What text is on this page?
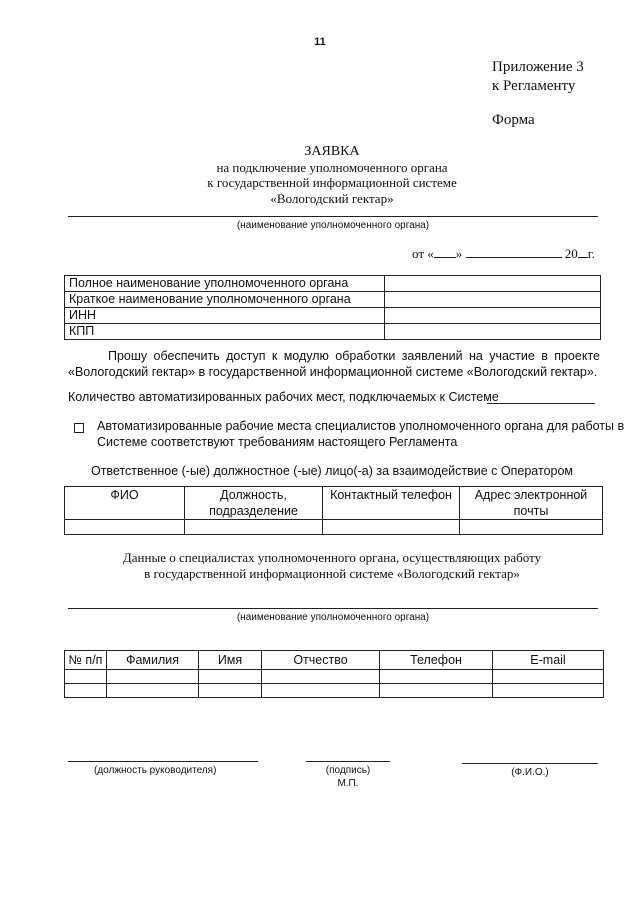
11
Приложение 3
к Регламенту
Форма
ЗАЯВКА
на подключение уполномоченного органа
к государственной информационной системе
«Вологодский гектар»
(наименование уполномоченного органа)
от « »	20 г.
Полное наименование уполномоченного органа	
Краткое наименование уполномоченного органа	
ИНН	
КПП	
Прошу обеспечить доступ к модулю обработки заявлений на участие в проекте «Вологодский гектар» в государственной информационной системе «Вологодский гектар».
Количество автоматизированных рабочих мест, подключаемых к Системе
Автоматизированные рабочие места специалистов уполномоченного органа для работы в
Системе соответствуют требованиям настоящего Регламента
Ответственное (-ые) должностное (-ые) лицо(-а) за взаимодействие с Оператором
ФИО	Должность, подразделение	Контактный телефон	Адрес электронной почты

Данные о специалистах уполномоченного органа, осуществляющих работу
в государственной информационной системе «Вологодский гектар»
(наименование уполномоченного органа)
№ п/п	Фамилия	Имя	Отчество	Телефон	E-mail

(должность руководителя)	(подпись)
М.П.
(Ф.И.О.)
